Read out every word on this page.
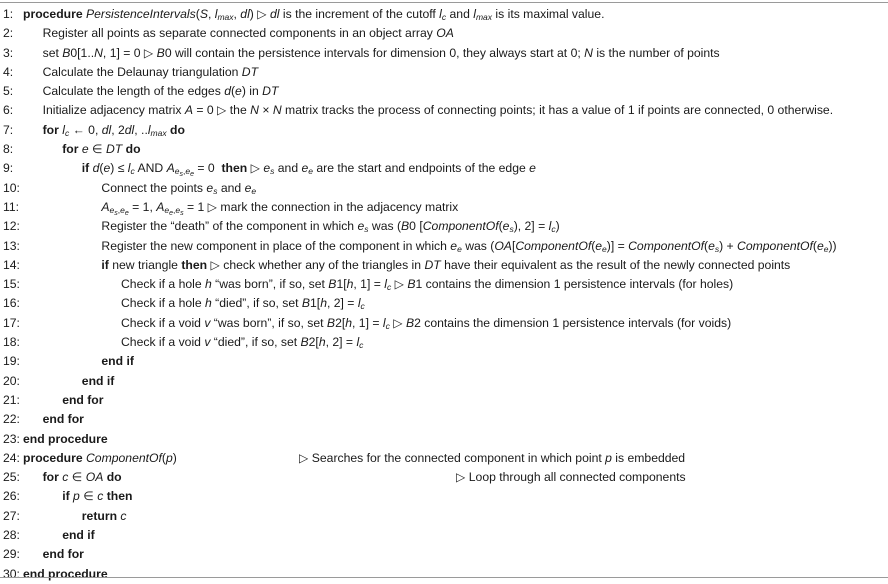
1: procedure PersistenceIntervals(S, $l_{max}$, dl) ▷ dl is the increment of the cutoff $l_c$ and $l_{max}$ is its maximal value.
2:	Register all points as separate connected components in an object array OA
3:	set B0[1..N, 1] = 0 ▷ B0 will contain the persistence intervals for dimension 0, they always start at 0; N is the number of points
4:	Calculate the Delaunay triangulation DT
5:	Calculate the length of the edges d(e) in DT
6:	Initialize adjacency matrix A = 0 ▷ the N × N matrix tracks the process of connecting points; it has a value of 1 if points are connected, 0 otherwise.
7:	for $l_c$ ← 0, dl, 2dl, $..l_{max}$ do
8:	for e ∈ DT do
9:	if $d(e) \le l_c$ AND $A_{e_s,e_e} = 0$  then ▷ $e_s$ and $e_e$ are the start and endpoints of the edge e
10:	Connect the points $e_s$ and $e_e$
11:	$A_{e_s,e_e} = 1$, $A_{e_e,e_s} = 1$ ▷ mark the connection in the adjacency matrix
12:	Register the “death” of the component in which $e_s$ was (B0 [$ComponentOf(e_s)$, $2] = l_c$)
13:	Register the new component in place of the component in which $e_e$ was ($OA[ComponentOf(e_e)]$ = $ComponentOf(e_s)$ + $ComponentOf(e_e)$)
14:	if new triangle then ▷ check whether any of the triangles in DT have their equivalent as the result of the newly connected points
15:	Check if a hole h “was born”, if so, set B1[h, $1] = l_c$ ▷ B1 contains the dimension 1 persistence intervals (for holes)
16:	Check if a hole h “died”, if so, set B1[h, $2] = l_c$
17:	Check if a void v “was born”, if so, set B2[h, $1] = l_c$ ▷ B2 contains the dimension 1 persistence intervals (for voids)
18:	Check if a void v “died”, if so, set B2[h, $2] = l_c$
19:	end if
20:	end if
21:	end for
22:	end for
23: end procedure
24: procedure ComponentOf(p)	▷ Searches for the connected component in which point p is embedded
25:	for c ∈ OA do	▷ Loop through all connected components
26:	if p ∈ c then
27:	return c
28:	end if
29:	end for
30: end procedure
